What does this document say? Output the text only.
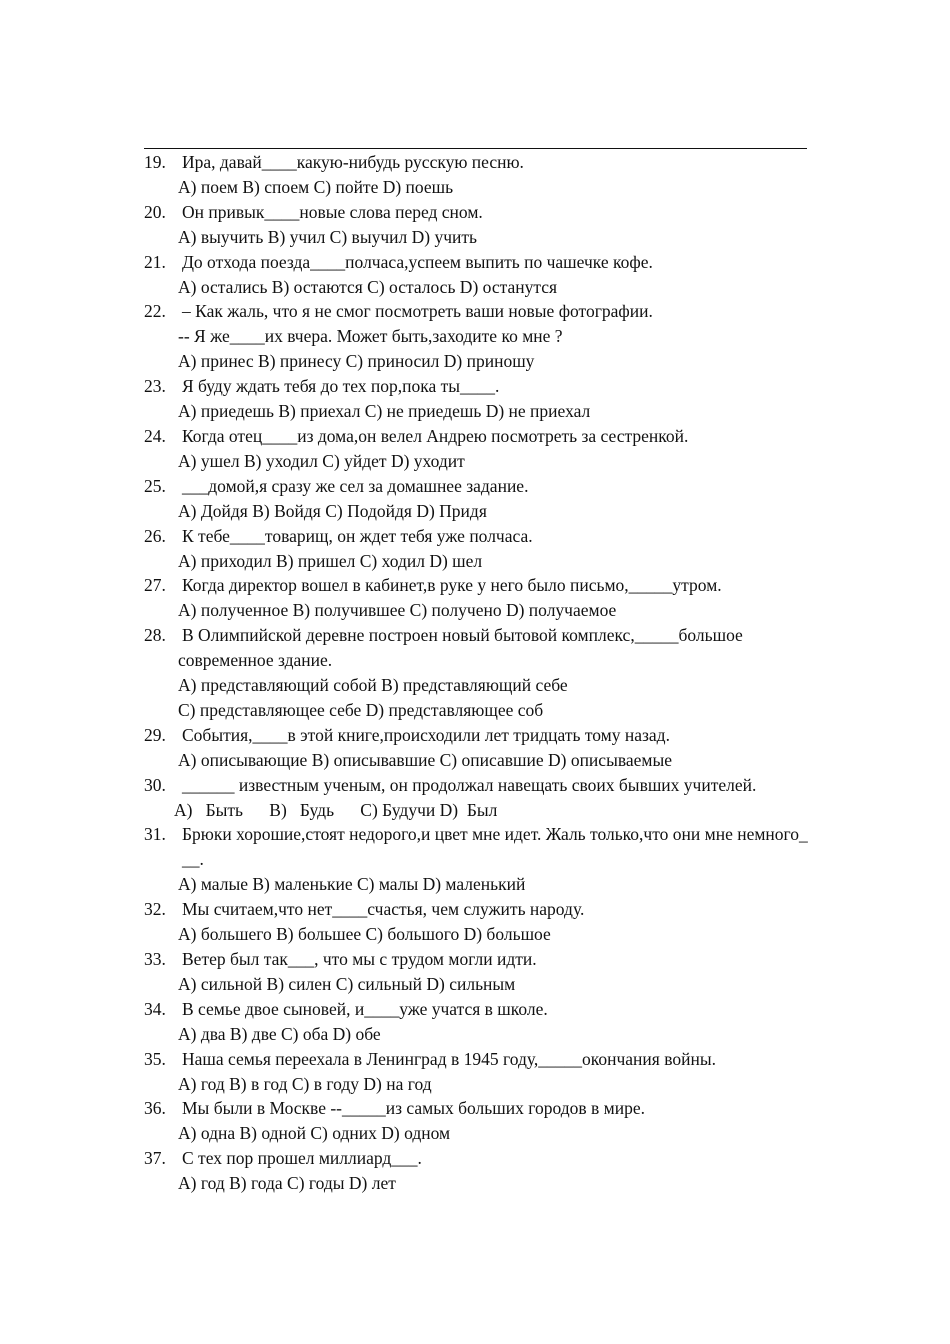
19. Ира, давай____какую-нибудь русскую песню.
A) поем B) споем C) пойте D) поешь
20. Он привык____новые слова перед сном.
A) выучить B) учил C) выучил D) учить
21. До отхода поезда____полчаса,успеем выпить по чашечке кофе.
A) остались B) остаются C) осталось D) останутся
22. – Как жаль, что я не смог посмотреть ваши новые фотографии.
-- Я же____их вчера. Может быть,заходите ко мне ?
A) принес B) принесу C) приносил D) приношу
23. Я буду ждать тебя до тех пор,пока ты____.
A) приедешь B) приехал C) не приедешь D) не приехал
24. Когда отец____из дома,он велел Андрею посмотреть за сестренкой.
A) ушел B) уходил C) уйдет D) уходит
25. ___домой,я сразу же сел за домашнее задание.
A) Дойдя B) Войдя C) Подойдя D) Придя
26. К тебе____товарищ, он ждет тебя уже полчаса.
A) приходил B) пришел C) ходил D) шел
27. Когда директор вошел в кабинет,в руке у него было письмо,_____утром.
A) полученное B) получившее C) получено D) получаемое
28. В Олимпийской деревне построен новый бытовой комплекс,_____большое
современное здание.
A) представляющий собой B) представляющий себе
C) представляющее себе D) представляющее соб
29. События,____в этой книге,происходили лет тридцать тому назад.
A) описывающие B) описывавшие C) описавшие D) описываемые
30. ______ известным ученым, он продолжал навещать своих бывших учителей.
A)   Быть      B)   Будь      C) Будучи D)  Был
31. Брюки хорошие,стоят недорого,и цвет мне идет. Жаль только,что они мне немного___.
A) малые B) маленькие C) малы D) маленький
32. Мы считаем,что нет____счастья, чем служить народу.
A) большего B) большее C) большого D) большое
33. Ветер был так___, что мы с трудом могли идти.
A) сильной B) силен C) сильный D) сильным
34. В семье двое сыновей, и____уже учатся в школе.
A) два B) две C) оба D) обе
35. Наша семья переехала в Ленинград в 1945 году,_____окончания войны.
A) год B) в год C) в году D) на год
36. Мы были в Москве --_____из самых больших городов в мире.
A) одна B) одной C) одних D) одном
37. С тех пор прошел миллиард___.
A) год B) года C) годы D) лет
